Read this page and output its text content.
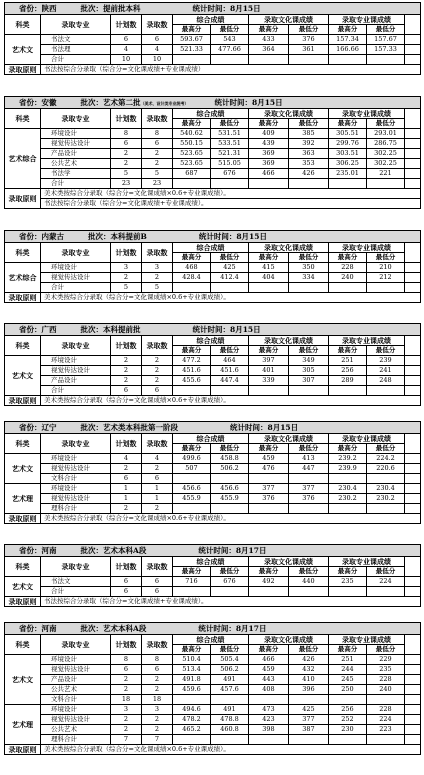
省份：陕西 批次：提前批本科 统计时间：8月15日										
科类	录取专业	计划数	录取数	综合成绩		录取文化课成绩		录取专业课成绩		
				最高分	最低分	最高分	最低分	最高分	最低分	
艺术文	书法文	6	6	593.67	543	433	376	157.34	157.67	
	书法理	4	4	521.33	477.66	364	361	166.66	157.33	
	合计	10	10							
录取原则	书法按综合分录取（综合分=文化课成绩+专业课成绩）									
省份：安徽 批次：艺术第二批（美术、设计类专业统考） 统计时间：8月15日										
科类	录取专业	计划数	录取数	综合成绩		录取文化课成绩		录取专业课成绩		
				最高分	最低分	最高分	最低分	最高分	最低分	
艺术综合	环境设计	8	8	540.62	531.51	409	385	305.51	293.01	
	视觉传达设计	6	6	550.15	533.51	439	392	299.76	286.75	
	产品设计	2	2	523.65	521.31	369	363	303.51	302.25	
	公共艺术	2	2	523.65	515.05	369	353	306.25	302.25	
	书法学	5	5	687	676	466	426	235.01	221	
	合计	23	23							
录取原则	美术类按综合分录取（综合分=文化课成绩×0.6+专业课成绩）。									
	书法按综合分录取（综合分=文化课成绩+专业课成绩）。									
省份：内蒙古 批次：本科提前B 统计时间：8月15日										
科类	录取专业	计划数	录取数	综合成绩		录取文化课成绩		录取专业课成绩		
				最高分	最低分	最高分	最低分	最高分	最低分	
艺术综合	环境设计	3	3	468	425	415	350	228	210	
	视觉传达设计	2	2	428.4	412.4	404	334	240	212	
	合计	5	5							
录取原则	美术类按综合分录取（综合分=文化课成绩×0.6+专业课成绩）。									
省份：广西 批次：本科提前批 统计时间：8月15日										
科类	录取专业	计划数	录取数	综合成绩		录取文化课成绩		录取专业课成绩		
				最高分	最低分	最高分	最低分	最高分	最低分	
艺术文	环境设计	2	2	477.2	464	397	349	251	239	
	视觉传达设计	2	2	451.6	451.6	401	305	256	241	
	产品设计	2	2	455.6	447.4	339	307	289	248	
	合计	6	6							
录取原则	美术类按综合分录取（综合分=文化课成绩×0.6+专业课成绩）。									
省份：辽宁 批次：艺术类本科批第一阶段 统计时间：8月15日										
科类	录取专业	计划数	录取数	综合成绩		录取文化课成绩		录取专业课成绩		
				最高分	最低分	最高分	最低分	最高分	最低分	
艺术文	环境设计	4	4	499.6	458.8	459	413	239.2	224.2	
	视觉传达设计	2	2	507	506.2	476	447	239.9	220.6	
	文科合计	6	6							
艺术理	环境设计	1	1	456.6	456.6	377	377	230.4	230.4	
	视觉传达设计	1	1	455.9	455.9	376	376	230.2	230.2	
	理科合计	2	2							
录取原则	美术类按综合分录取（综合分=文化课成绩×0.6+专业课成绩）。									
省份：河南 批次：艺术本科A段 统计时间：8月17日										
科类	录取专业	计划数	录取数	综合成绩		录取文化课成绩		录取专业课成绩		
				最高分	最低分	最高分	最低分	最高分	最低分	
艺术文	书法文	6	6	716	676	492	440	235	224	
	合计	6	6							
录取原则	书法按综合分录取（综合分=文化课成绩+专业课成绩）。									
省份：河南 批次：艺术本科A段 统计时间：8月17日										
科类	录取专业	计划数	录取数	综合成绩		录取文化课成绩		录取专业课成绩		
				最高分	最低分	最高分	最低分	最高分	最低分	
艺术文	环境设计	8	8	510.4	505.4	466	426	251	229	
	视觉传达设计	6	6	513.4	506.2	459	432	244	235	
	产品设计	2	2	491.8	491	443	410	245	228	
	公共艺术	2	2	459.6	457.6	408	396	250	240	
	文科合计	18	18							
艺术理	环境设计	3	3	494.6	491	473	425	256	228	
	视觉传达设计	2	2	478.2	478.8	423	377	252	224	
	公共艺术	2	2	465.2	460.8	398	387	230	223	
	理科合计	7	7							
录取原则	美术类按综合分录取（综合分=文化课成绩×0.6+专业课成绩）。									
